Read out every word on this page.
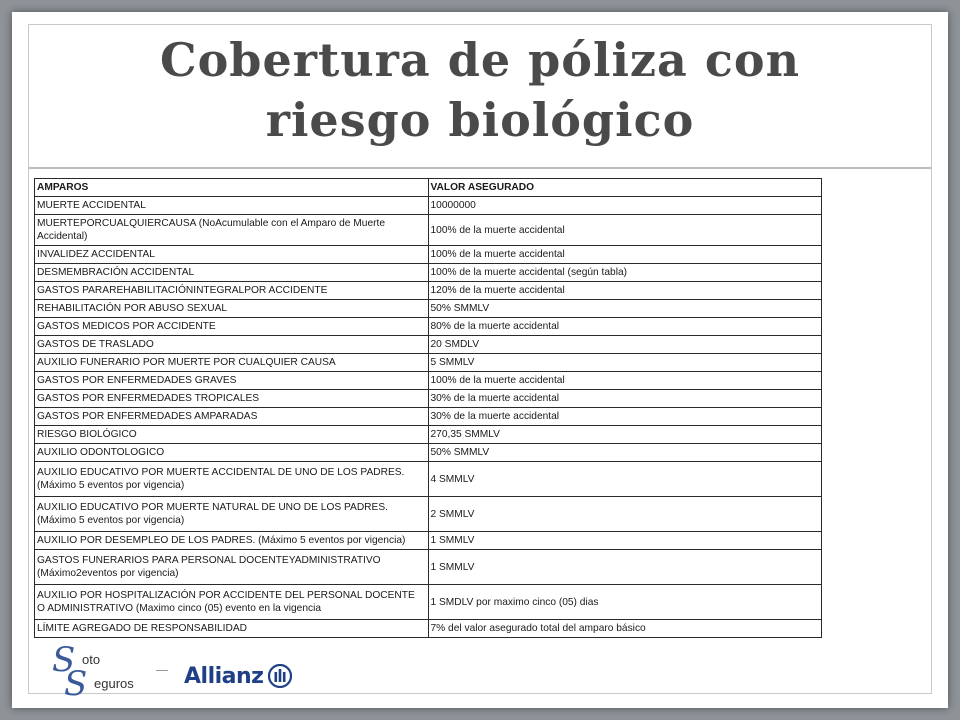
Cobertura de póliza con
riesgo biológico
AMPAROS	VALOR ASEGURADO
MUERTE ACCIDENTAL	10000000
MUERTEPORCUALQUIERCAUSA (NoAcumulable con el Amparo de Muerte Accidental)	100% de la muerte accidental
INVALIDEZ ACCIDENTAL	100% de la muerte accidental
DESMEMBRACIÓN ACCIDENTAL	100% de la muerte accidental (según tabla)
GASTOS PARAREHABILITACIÓNINTEGRALPOR ACCIDENTE	120% de la muerte accidental
REHABILITACIÓN POR ABUSO SEXUAL	50% SMMLV
GASTOS MEDICOS POR ACCIDENTE	80% de la muerte accidental
GASTOS DE TRASLADO	20 SMDLV
AUXILIO FUNERARIO POR MUERTE POR CUALQUIER CAUSA	5 SMMLV
GASTOS POR ENFERMEDADES GRAVES	100% de la muerte accidental
GASTOS POR ENFERMEDADES TROPICALES	30% de la muerte accidental
GASTOS POR ENFERMEDADES AMPARADAS	30% de la muerte accidental
RIESGO BIOLÓGICO	270,35 SMMLV
AUXILIO ODONTOLOGICO	50% SMMLV
AUXILIO EDUCATIVO POR MUERTE ACCIDENTAL DE UNO DE LOS PADRES. (Máximo 5 eventos por vigencia)	4 SMMLV
AUXILIO EDUCATIVO POR MUERTE NATURAL DE UNO DE LOS PADRES. (Máximo 5 eventos por vigencia)	2 SMMLV
AUXILIO POR DESEMPLEO DE LOS PADRES. (Máximo 5 eventos por vigencia)	1 SMMLV
GASTOS FUNERARIOS PARA PERSONAL DOCENTEYADMINISTRATIVO (Máximo2eventos por vigencia)	1 SMMLV
AUXILIO POR HOSPITALIZACIÓN POR ACCIDENTE DEL PERSONAL DOCENTE O ADMINISTRATIVO (Maximo cinco (05) evento en la vigencia	1 SMDLV por maximo cinco (05) dias
LÍMITE AGREGADO DE RESPONSABILIDAD	7% del valor asegurado total del amparo básico
S oto
S eguros Allianz
